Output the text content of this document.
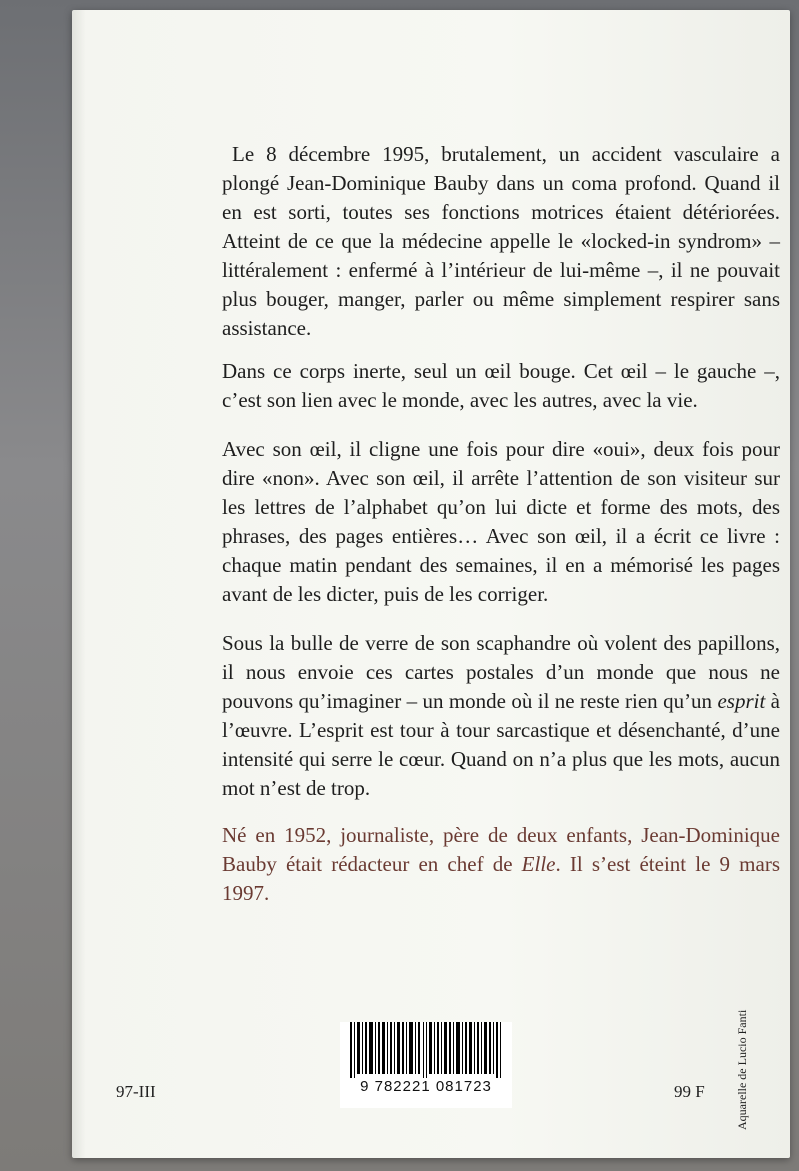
Le 8 décembre 1995, brutalement, un accident vasculaire a plongé Jean-Dominique Bauby dans un coma profond. Quand il en est sorti, toutes ses fonctions motrices étaient détériorées. Atteint de ce que la médecine appelle le «locked-in syndrom» – littéralement : enfermé à l’intérieur de lui-même –, il ne pouvait plus bouger, manger, parler ou même simplement respirer sans assistance.

Dans ce corps inerte, seul un œil bouge. Cet œil – le gauche –, c’est son lien avec le monde, avec les autres, avec la vie.

Avec son œil, il cligne une fois pour dire «oui», deux fois pour dire «non». Avec son œil, il arrête l’attention de son visiteur sur les lettres de l’alphabet qu’on lui dicte et forme des mots, des phrases, des pages entières… Avec son œil, il a écrit ce livre : chaque matin pendant des semaines, il en a mémorisé les pages avant de les dicter, puis de les corriger.

Sous la bulle de verre de son scaphandre où volent des papillons, il nous envoie ces cartes postales d’un monde que nous ne pouvons qu’imaginer – un monde où il ne reste rien qu’un esprit à l’œuvre. L’esprit est tour à tour sarcastique et désenchanté, d’une intensité qui serre le cœur. Quand on n’a plus que les mots, aucun mot n’est de trop.

Né en 1952, journaliste, père de deux enfants, Jean-Dominique Bauby était rédacteur en chef de Elle. Il s’est éteint le 9 mars 1997.

Aquarelle de Lucio Fanti
97-III	9 782221 081723	99 F
